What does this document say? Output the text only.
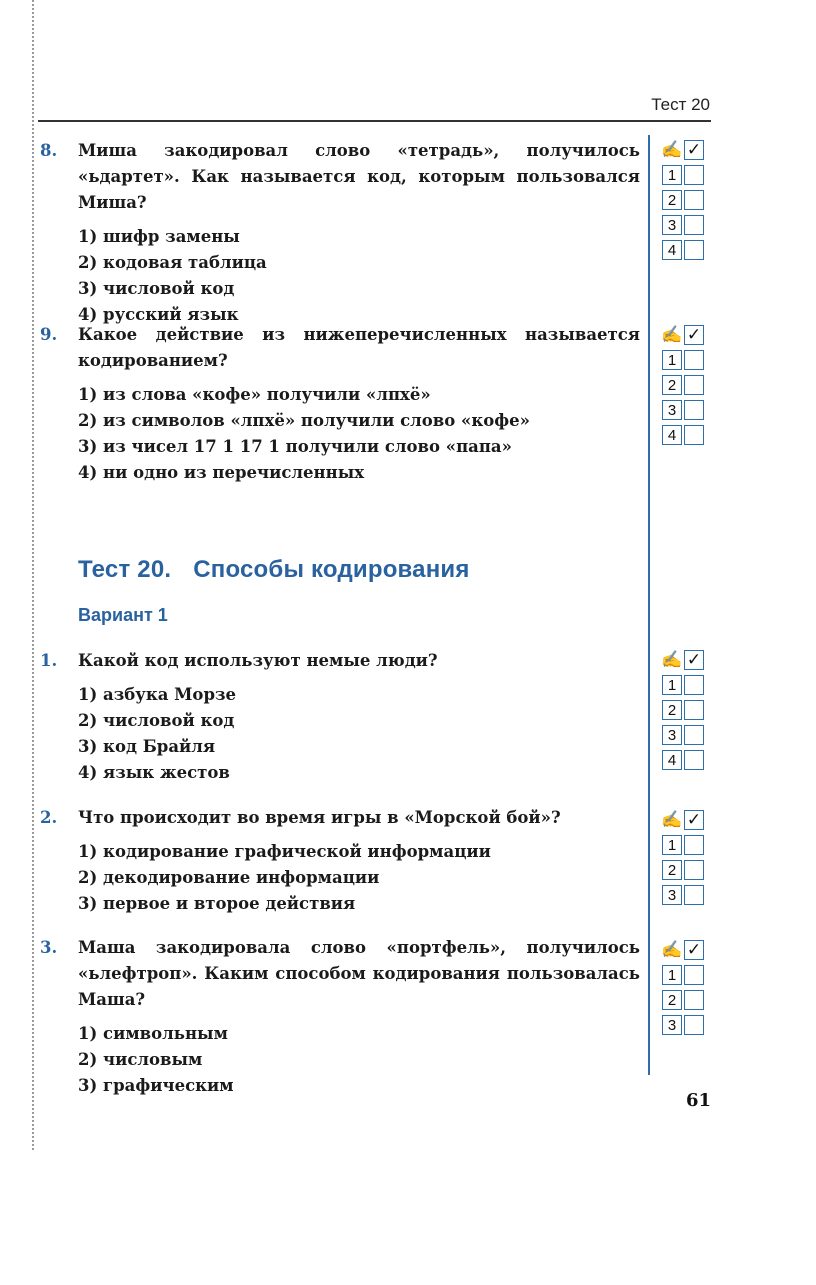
Тест 20
8.	Миша закодировал слово «тетрадь», получилось «ьдартет». Как называется код, которым пользовался Миша?
1) шифр замены
2) кодовая таблица
3) числовой код
4) русский язык
✍ ✓
1
2
3
4
9.	Какое действие из нижеперечисленных называется кодированием?
1) из слова «кофе» получили «лпхё»
2) из символов «лпхё» получили слово «кофе»
3) из чисел 17 1 17 1 получили слово «папа»
4) ни одно из перечисленных
✍ ✓
1
2
3
4
Тест 20. Способы кодирования
Вариант 1
1.	Какой код используют немые люди?
1) азбука Морзе
2) числовой код
3) код Брайля
4) язык жестов
✍ ✓
1
2
3
4
2.	Что происходит во время игры в «Морской бой»?
1) кодирование графической информации
2) декодирование информации
3) первое и второе действия
✍ ✓
1
2
3
3.	Маша закодировала слово «портфель», получилось «ьлефтроп». Каким способом кодирования пользовалась Маша?
1) символьным
2) числовым
3) графическим
✍ ✓
1
2
3
61
